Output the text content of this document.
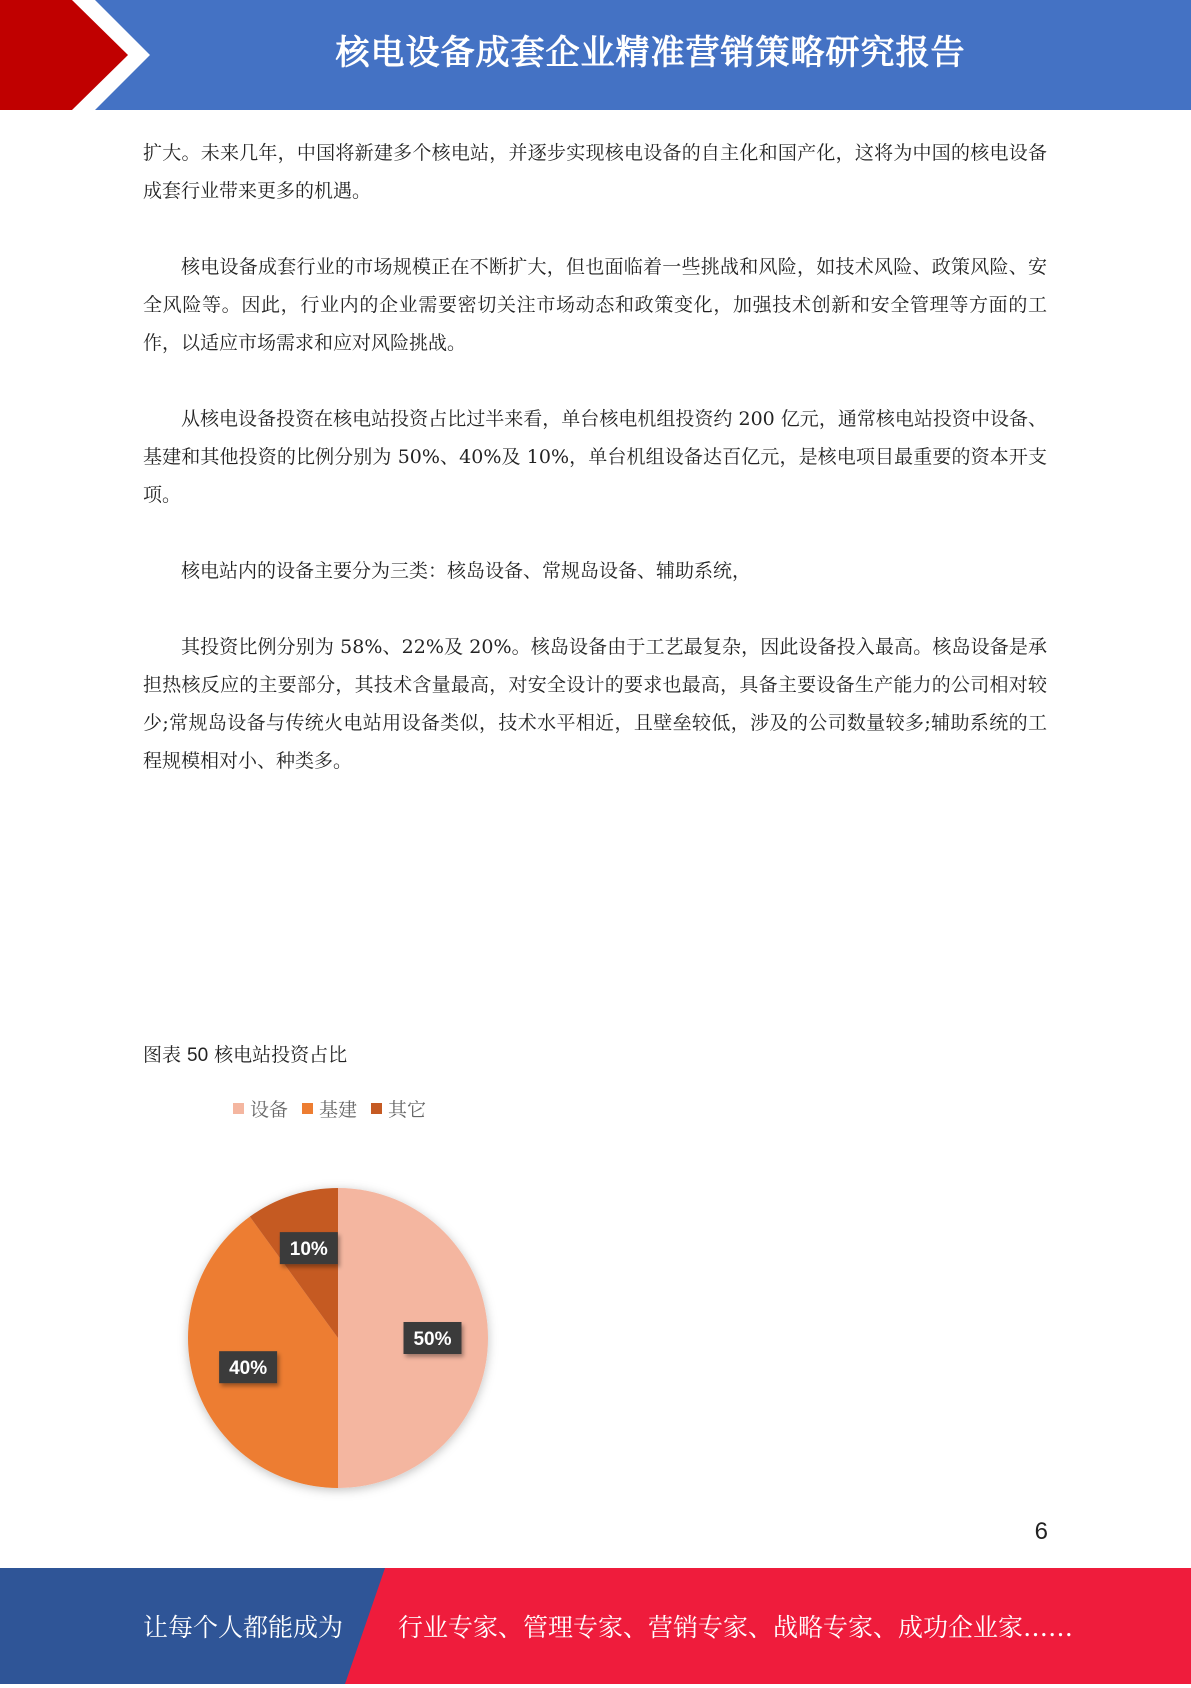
核电设备成套企业精准营销策略研究报告

扩大。未来几年，中国将新建多个核电站，并逐步实现核电设备的自主化和国产化，这将为中国的核电设备成套行业带来更多的机遇。

核电设备成套行业的市场规模正在不断扩大，但也面临着一些挑战和风险，如技术风险、政策风险、安全风险等。因此，行业内的企业需要密切关注市场动态和政策变化，加强技术创新和安全管理等方面的工作，以适应市场需求和应对风险挑战。

从核电设备投资在核电站投资占比过半来看，单台核电机组投资约 200 亿元，通常核电站投资中设备、基建和其他投资的比例分别为 50%、40%及 10%，单台机组设备达百亿元，是核电项目最重要的资本开支项。

核电站内的设备主要分为三类：核岛设备、常规岛设备、辅助系统，

其投资比例分别为 58%、22%及 20%。核岛设备由于工艺最复杂，因此设备投入最高。核岛设备是承担热核反应的主要部分，其技术含量最高，对安全设计的要求也最高，具备主要设备生产能力的公司相对较少;常规岛设备与传统火电站用设备类似，技术水平相近，且壁垒较低，涉及的公司数量较多;辅助系统的工程规模相对小、种类多。

图表 50 核电站投资占比
50%
40%
10%
设备 基建 其它
6
让每个人都能成为 行业专家、管理专家、营销专家、战略专家、成功企业家……
